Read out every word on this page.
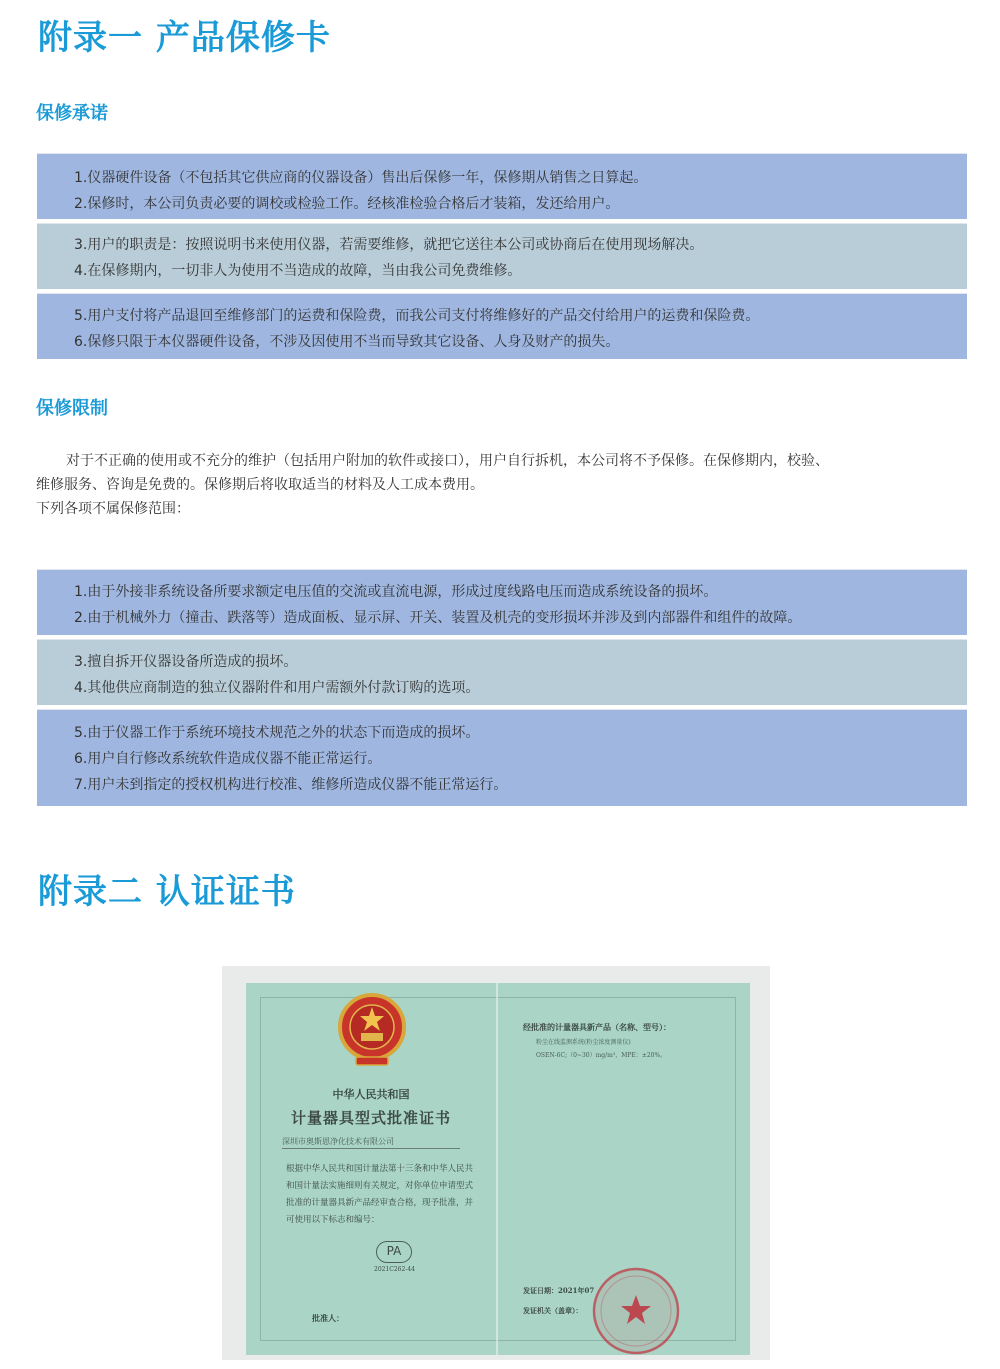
附录一 产品保修卡
保修承诺

1.仪器硬件设备（不包括其它供应商的仪器设备）售出后保修一年，保修期从销售之日算起。

2.保修时，本公司负责必要的调校或检验工作。经核准检验合格后才装箱，发还给用户。

3.用户的职责是：按照说明书来使用仪器，若需要维修，就把它送往本公司或协商后在使用现场解决。

4.在保修期内，一切非人为使用不当造成的故障，当由我公司免费维修。

5.用户支付将产品退回至维修部门的运费和保险费，而我公司支付将维修好的产品交付给用户的运费和保险费。

6.保修只限于本仪器硬件设备，不涉及因使用不当而导致其它设备、人身及财产的损失。

保修限制

对于不正确的使用或不充分的维护（包括用户附加的软件或接口），用户自行拆机，本公司将不予保修。在保修期内，校验、

维修服务、咨询是免费的。保修期后将收取适当的材料及人工成本费用。

下列各项不属保修范围：

1.由于外接非系统设备所要求额定电压值的交流或直流电源，形成过度线路电压而造成系统设备的损坏。

2.由于机械外力（撞击、跌落等）造成面板、显示屏、开关、装置及机壳的变形损坏并涉及到内部器件和组件的故障。

3.擅自拆开仪器设备所造成的损坏。

4.其他供应商制造的独立仪器附件和用户需额外付款订购的选项。

5.由于仪器工作于系统环境技术规范之外的状态下而造成的损坏。

6.用户自行修改系统软件造成仪器不能正常运行。

7.用户未到指定的授权机构进行校准、维修所造成仪器不能正常运行。

附录二 认证证书
中华人民共和国
计量器具型式批准证书
深圳市奥斯恩净化技术有限公司
根据中华人民共和国计量法第十三条和中华人民共和国计量法实施细则有关规定，对你单位申请型式批准的计量器具新产品经审查合格，现予批准，并可使用以下标志和编号：
PA
2021C262-44
批准人：
经批准的计量器具新产品（名称、型号）：
粉尘在线监测系统(粉尘浓度测量仪)
OSEN-6C;（0~30）mg/m³，MPE：±20%。
发证日期：2021年07
发证机关（盖章）：
